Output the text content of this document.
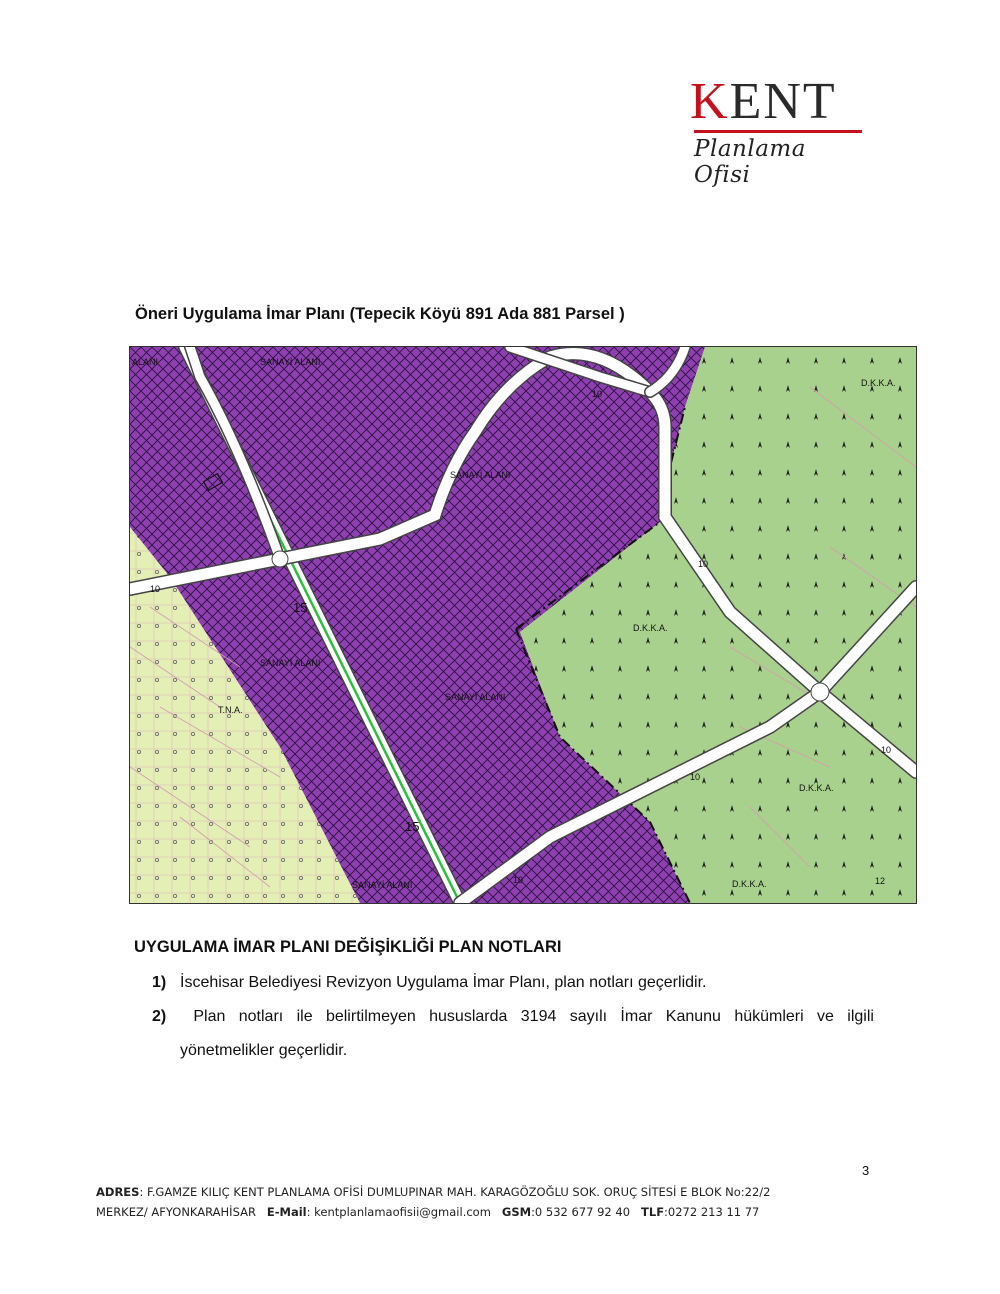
KENT
Planlama Ofisi
Öneri Uygulama İmar Planı (Tepecik Köyü 891 Ada 881 Parsel )
SANAYİ ALANI
SANAYİ ALANI
SANAYİ ALANI
SANAYİ ALANI
SANAYİ ALANI
ALANI
D.K.K.A.
D.K.K.A.
D.K.K.A.
D.K.K.A.
T.N.A.
15
15
10
10
10
10
10
10	12
UYGULAMA İMAR PLANI DEĞİŞİKLİĞİ PLAN NOTLARI
1) İscehisar Belediyesi Revizyon Uygulama İmar Planı, plan notları geçerlidir.
2)	Plan notları ile belirtilmeyen hususlarda 3194 sayılı İmar Kanunu hükümleri ve ilgili
yönetmelikler geçerlidir.
3
ADRES: F.GAMZE KILIÇ KENT PLANLAMA OFİSİ DUMLUPINAR MAH. KARAGÖZOĞLU SOK. ORUÇ SİTESİ E BLOK No:22/2
MERKEZ/ AFYONKARAHİSAR E-Mail: kentplanlamaofisii@gmail.com GSM:0 532 677 92 40 TLF:0272 213 11 77
